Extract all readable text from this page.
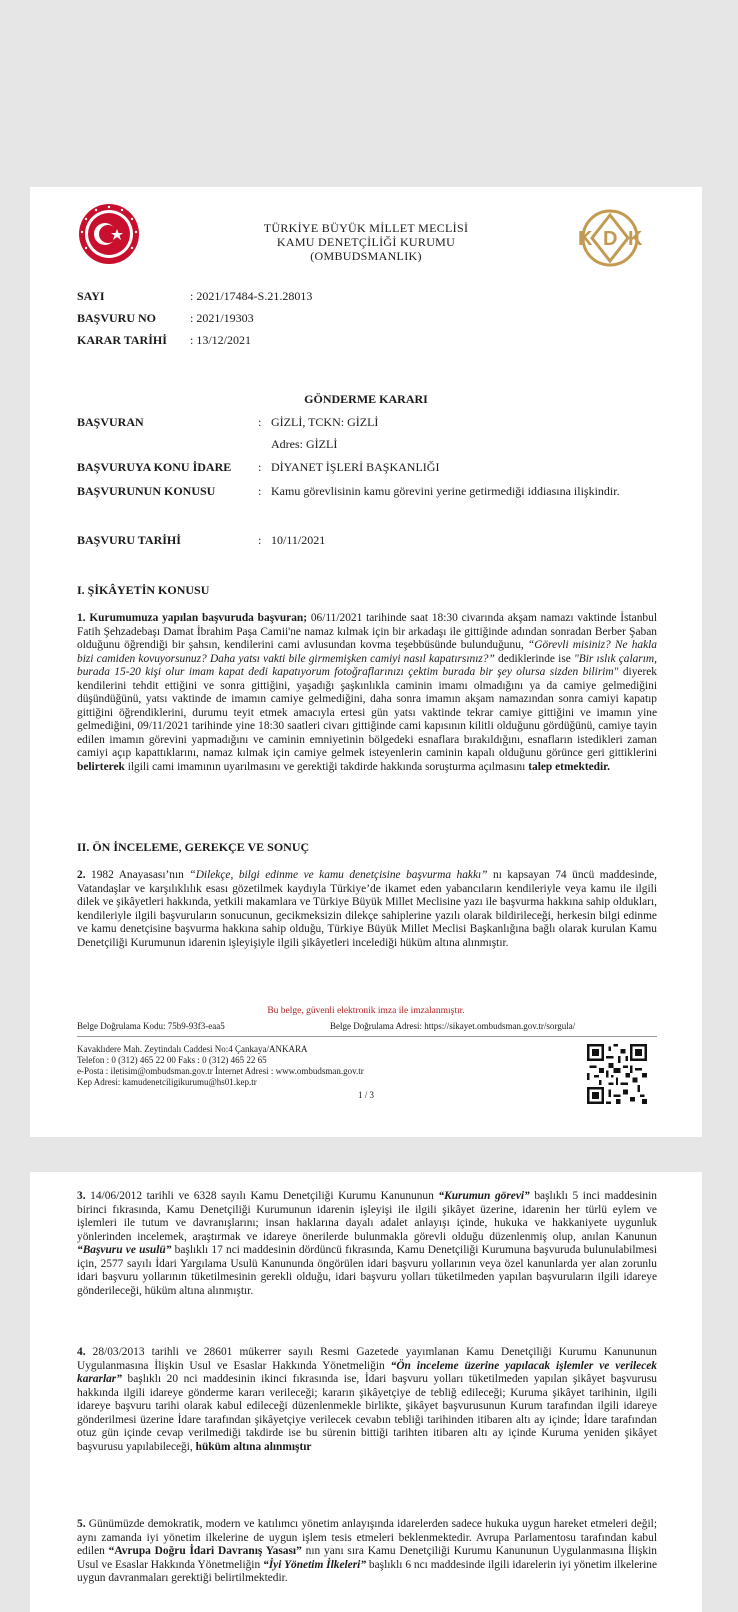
TÜRKİYE BÜYÜK MİLLET MECLİSİ
KAMU DENETÇİLİĞİ KURUMU
(OMBUDSMANLIK)
K D K
SAYI	: 2021/17484-S.21.28013
BAŞVURU NO	: 2021/19303
KARAR TARİHİ : 13/12/2021
GÖNDERME KARARI
BAŞVURAN	: GİZLİ, TCKN: GİZLİ
Adres: GİZLİ
BAŞVURUYA KONU İDARE : DİYANET İŞLERİ BAŞKANLIĞI
BAŞVURUNUN KONUSU	: Kamu görevlisinin kamu görevini yerine getirmediği iddiasına ilişkindir.
BAŞVURU TARİHİ	: 10/11/2021
I. ŞİKÂYETİN KONUSU
1. Kurumumuza yapılan başvuruda başvuran; 06/11/2021 tarihinde saat 18:30 civarında akşam namazı vaktinde İstanbul Fatih Şehzadebaşı Damat İbrahim Paşa Camii'ne namaz kılmak için bir arkadaşı ile gittiğinde adından sonradan Berber Şaban olduğunu öğrendiği bir şahsın, kendilerini cami avlusundan kovma teşebbüsünde bulunduğunu, “Görevli misiniz? Ne hakla bizi camiden kovuyorsunuz? Daha yatsı vakti bile girmemişken camiyi nasıl kapatırsınız?” dediklerinde ise "Bir ıslık çalarım, burada 15-20 kişi olur imam kapat dedi kapatıyorum fotoğraflarınızı çektim burada bir şey olursa sizden bilirim" diyerek kendilerini tehdit ettiğini ve sonra gittiğini, yaşadığı şaşkınlıkla caminin imamı olmadığını ya da camiye gelmediğini düşündüğünü, yatsı vaktinde de imamın camiye gelmediğini, daha sonra imamın akşam namazından sonra camiyi kapatıp gittiğini öğrendiklerini, durumu teyit etmek amacıyla ertesi gün yatsı vaktinde tekrar camiye gittiğini ve imamın yine gelmediğini, 09/11/2021 tarihinde yine 18:30 saatleri civarı gittiğinde cami kapısının kilitli olduğunu gördüğünü, camiye tayin edilen imamın görevini yapmadığını ve caminin emniyetinin bölgedeki esnaflara bırakıldığını, esnafların istedikleri zaman camiyi açıp kapattıklarını, namaz kılmak için camiye gelmek isteyenlerin caminin kapalı olduğunu görünce geri gittiklerini belirterek ilgili cami imamının uyarılmasını ve gerektiği takdirde hakkında soruşturma açılmasını talep etmektedir.
II. ÖN İNCELEME, GEREKÇE VE SONUÇ
2. 1982 Anayasası’nın “Dilekçe, bilgi edinme ve kamu denetçisine başvurma hakkı” nı kapsayan 74 üncü maddesinde, Vatandaşlar ve karşılıklılık esası gözetilmek kaydıyla Türkiye’de ikamet eden yabancıların kendileriyle veya kamu ile ilgili dilek ve şikâyetleri hakkında, yetkili makamlara ve Türkiye Büyük Millet Meclisine yazı ile başvurma hakkına sahip oldukları, kendileriyle ilgili başvuruların sonucunun, gecikmeksizin dilekçe sahiplerine yazılı olarak bildirileceği, herkesin bilgi edinme ve kamu denetçisine başvurma hakkına sahip olduğu, Türkiye Büyük Millet Meclisi Başkanlığına bağlı olarak kurulan Kamu Denetçiliği Kurumunun idarenin işleyişiyle ilgili şikâyetleri incelediği hüküm altına alınmıştır.
Bu belge, güvenli elektronik imza ile imzalanmıştır.
Belge Doğrulama Kodu: 75b9-93f3-eaa5	Belge Doğrulama Adresi: https://sikayet.ombudsman.gov.tr/sorgula/
Kavaklıdere Mah. Zeytindalı Caddesi No:4 Çankaya/ANKARA
Telefon : 0 (312) 465 22 00 Faks : 0 (312) 465 22 65
e-Posta : iletisim@ombudsman.gov.tr İnternet Adresi : www.ombudsman.gov.tr
Kep Adresi: kamudenetciligikurumu@hs01.kep.tr
1 / 3
3. 14/06/2012 tarihli ve 6328 sayılı Kamu Denetçiliği Kurumu Kanununun “Kurumun görevi” başlıklı 5 inci maddesinin birinci fıkrasında, Kamu Denetçiliği Kurumunun idarenin işleyişi ile ilgili şikâyet üzerine, idarenin her türlü eylem ve işlemleri ile tutum ve davranışlarını; insan haklarına dayalı adalet anlayışı içinde, hukuka ve hakkaniyete uygunluk yönlerinden incelemek, araştırmak ve idareye önerilerde bulunmakla görevli olduğu düzenlenmiş olup, anılan Kanunun “Başvuru ve usulü” başlıklı 17 nci maddesinin dördüncü fıkrasında, Kamu Denetçiliği Kurumuna başvuruda bulunulabilmesi için, 2577 sayılı İdari Yargılama Usulü Kanununda öngörülen idari başvuru yollarının veya özel kanunlarda yer alan zorunlu idari başvuru yollarının tüketilmesinin gerekli olduğu, idari başvuru yolları tüketilmeden yapılan başvuruların ilgili idareye gönderileceği, hüküm altına alınmıştır.
4. 28/03/2013 tarihli ve 28601 mükerrer sayılı Resmi Gazetede yayımlanan Kamu Denetçiliği Kurumu Kanununun Uygulanmasına İlişkin Usul ve Esaslar Hakkında Yönetmeliğin “Ön inceleme üzerine yapılacak işlemler ve verilecek kararlar” başlıklı 20 nci maddesinin ikinci fıkrasında ise, İdari başvuru yolları tüketilmeden yapılan şikâyet başvurusu hakkında ilgili idareye gönderme kararı verileceği; kararın şikâyetçiye de tebliğ edileceği; Kuruma şikâyet tarihinin, ilgili idareye başvuru tarihi olarak kabul edileceği düzenlenmekle birlikte, şikâyet başvurusunun Kurum tarafından ilgili idareye gönderilmesi üzerine İdare tarafından şikâyetçiye verilecek cevabın tebliği tarihinden itibaren altı ay içinde; İdare tarafından otuz gün içinde cevap verilmediği takdirde ise bu sürenin bittiği tarihten itibaren altı ay içinde Kuruma yeniden şikâyet başvurusu yapılabileceği, hüküm altına alınmıştır
5. Günümüzde demokratik, modern ve katılımcı yönetim anlayışında idarelerden sadece hukuka uygun hareket etmeleri değil; aynı zamanda iyi yönetim ilkelerine de uygun işlem tesis etmeleri beklenmektedir. Avrupa Parlamentosu tarafından kabul edilen “Avrupa Doğru İdari Davranış Yasası” nın yanı sıra Kamu Denetçiliği Kurumu Kanununun Uygulanmasına İlişkin Usul ve Esaslar Hakkında Yönetmeliğin “İyi Yönetim İlkeleri” başlıklı 6 ncı maddesinde ilgili idarelerin iyi yönetim ilkelerine uygun davranmaları gerektiği belirtilmektedir.
